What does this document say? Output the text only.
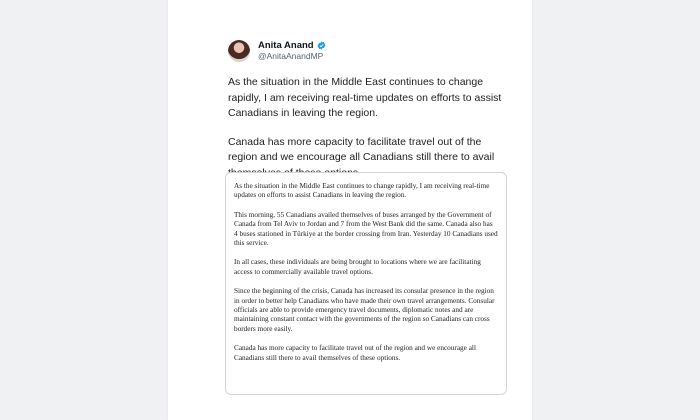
Anita Anand
@AnitaAnandMP

As the situation in the Middle East continues to change rapidly, I am receiving real-time updates on efforts to assist Canadians in leaving the region.

Canada has more capacity to facilitate travel out of the region and we encourage all Canadians still there to avail

As the situation in the Middle East continues to change rapidly, I am receiving real-time updates on efforts to assist Canadians in leaving the region.

This morning, 55 Canadians availed themselves of buses arranged by the Government of Canada from Tel Aviv to Jordan and 7 from the West Bank did the same. Canada also has 4 buses stationed in Türkiye at the border crossing from Iran. Yesterday 10 Canadians used this service.

In all cases, these individuals are being brought to locations where we are facilitating access to commercially available travel options.

Since the beginning of the crisis, Canada has increased its consular presence in the region in order to better help Canadians who have made their own travel arrangements. Consular officials are able to provide emergency travel documents, diplomatic notes and are maintaining constant contact with the governments of the region so Canadians can cross borders more easily.

Canada has more capacity to facilitate travel out of the region and we encourage all Canadians still there to avail themselves of these options.
